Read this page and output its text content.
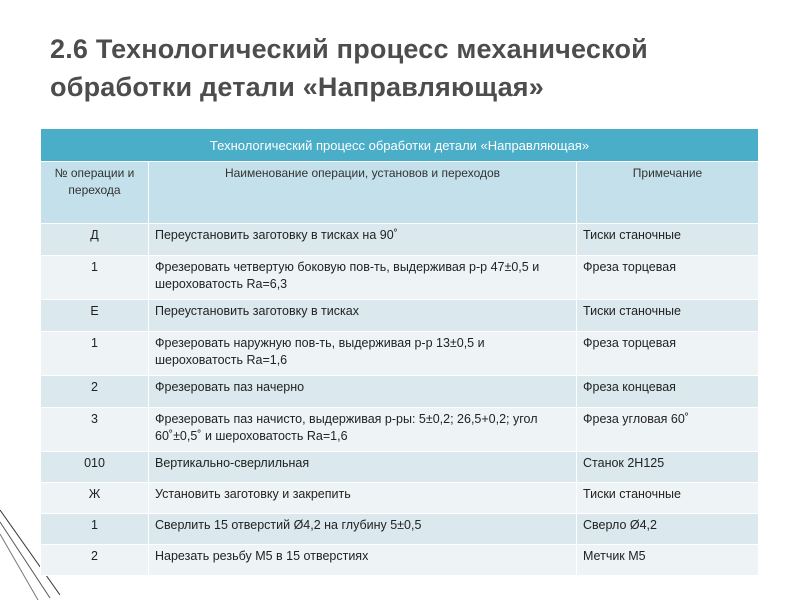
2.6 Технологический процесс механической обработки детали «Направляющая»
Технологический процесс обработки детали «Направляющая»		
№ операции и перехода	Наименование операции, установов и переходов	Примечание
Д	Переустановить заготовку в тисках на 90˚	Тиски станочные
1	Фрезеровать четвертую боковую пов-ть, выдерживая р-р 47±0,5 и шероховатость Ra=6,3	Фреза торцевая
Е	Переустановить заготовку в тисках	Тиски станочные
1	Фрезеровать наружную пов-ть, выдерживая р-р 13±0,5 и шероховатость Ra=1,6	Фреза торцевая
2	Фрезеровать паз начерно	Фреза концевая
3	Фрезеровать паз начисто, выдерживая р-ры: 5±0,2; 26,5+0,2; угол 60˚±0,5˚ и шероховатость Ra=1,6	Фреза угловая 60˚
010	Вертикально-сверлильная	Станок 2Н125
Ж	Установить заготовку и закрепить	Тиски станочные
1	Сверлить 15 отверстий Ø4,2 на глубину 5±0,5	Сверло Ø4,2
2	Нарезать резьбу М5 в 15 отверстиях	Метчик М5
